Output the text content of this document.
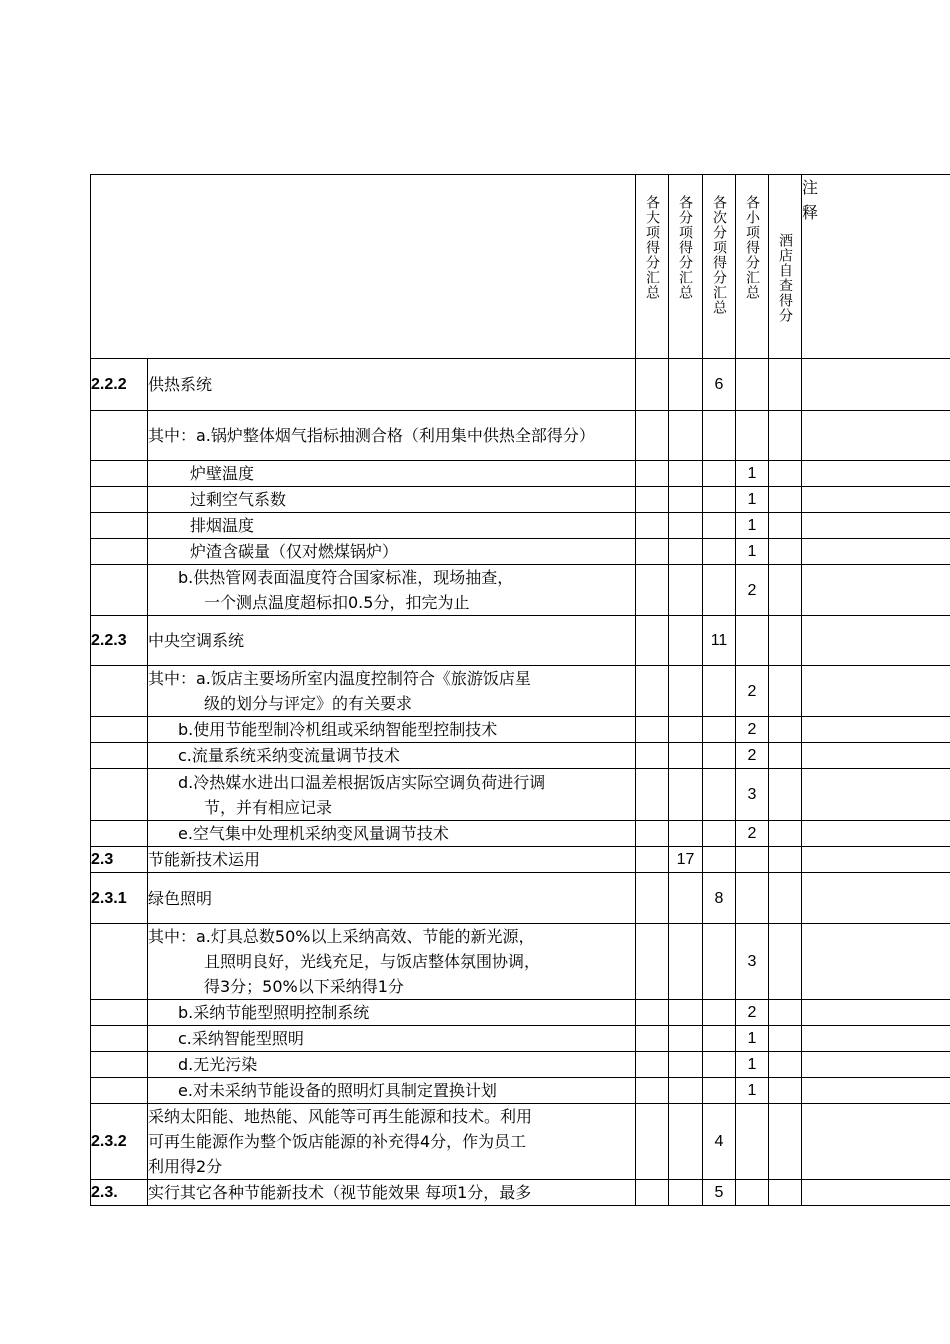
		各大项得分汇总	各分项得分汇总	各次分项得分汇总	各小项得分汇总	酒店自查得分	注释
2.2.2	供热系统			6			
	其中：a.锅炉整体烟气指标抽测合格（利用集中供热全部得分）						
	炉壁温度				1		
	过剩空气系数				1		
	排烟温度				1		
	炉渣含碳量（仅对燃煤锅炉）				1		

	b.供热管网表面温度符合国家标准，现场抽查，
一个测点温度超标扣0.5分，扣完为止				2		
2.2.3	中央空调系统			11			

	其中：a.饭店主要场所室内温度控制符合《旅游饭店星
级的划分与评定》的有关要求				2		
	b.使用节能型制冷机组或采纳智能型控制技术				2		
	c.流量系统采纳变流量调节技术				2		

	d.冷热媒水进出口温差根据饭店实际空调负荷进行调
节，并有相应记录				3		
	e.空气集中处理机采纳变风量调节技术				2		
2.3	节能新技术运用		17				
2.3.1	绿色照明			8			

	其中：a.灯具总数50%以上采纳高效、节能的新光源，
且照明良好，光线充足，与饭店整体氛围协调，
得3分；50%以下采纳得1分				3		
	b.采纳节能型照明控制系统				2		
	c.采纳智能型照明				1		
	d.无光污染				1		
	e.对未采纳节能设备的照明灯具制定置换计划				1		
2.3.2	采纳太阳能、地热能、风能等可再生能源和技术。利用
可再生能源作为整个饭店能源的补充得4分，作为员工
利用得2分			4			
2.3.	实行其它各种节能新技术（视节能效果 每项1分，最多			5			
